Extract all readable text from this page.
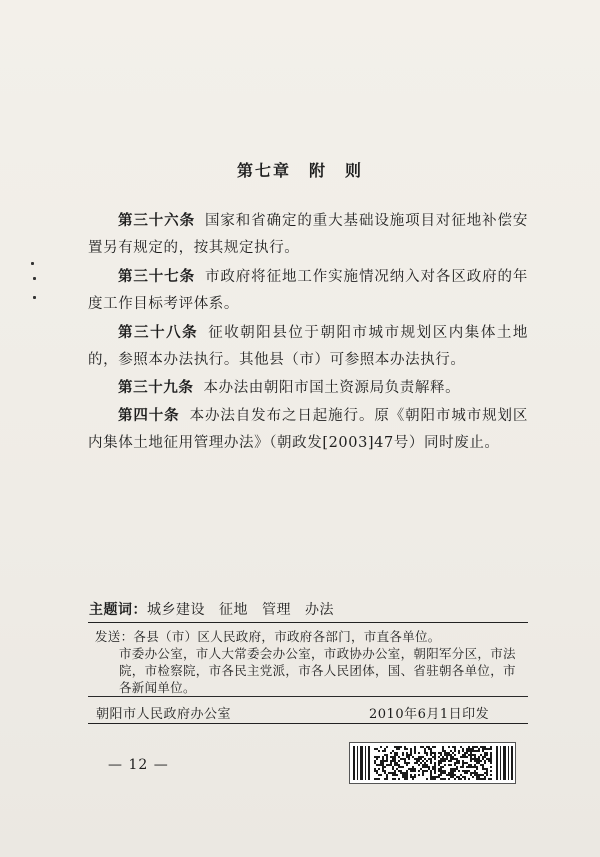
第七章　附　则
第三十六条 国家和省确定的重大基础设施项目对征地补偿安置另有规定的，按其规定执行。
第三十七条 市政府将征地工作实施情况纳入对各区政府的年度工作目标考评体系。
第三十八条 征收朝阳县位于朝阳市城市规划区内集体土地的，参照本办法执行。其他县（市）可参照本办法执行。
第三十九条 本办法由朝阳市国土资源局负责解释。
第四十条 本办法自发布之日起施行。原《朝阳市城市规划区内集体土地征用管理办法》（朝政发[2003]47号）同时废止。
主题词：城乡建设 征地 管理 办法
发送：各县（市）区人民政府，市政府各部门，市直各单位。
市委办公室，市人大常委会办公室，市政协办公室，朝阳军分区，市法院，市检察院，市各民主党派，市各人民团体，国、省驻朝各单位，市各新闻单位。
朝阳市人民政府办公室	2010年6月1日印发
— 12 —
